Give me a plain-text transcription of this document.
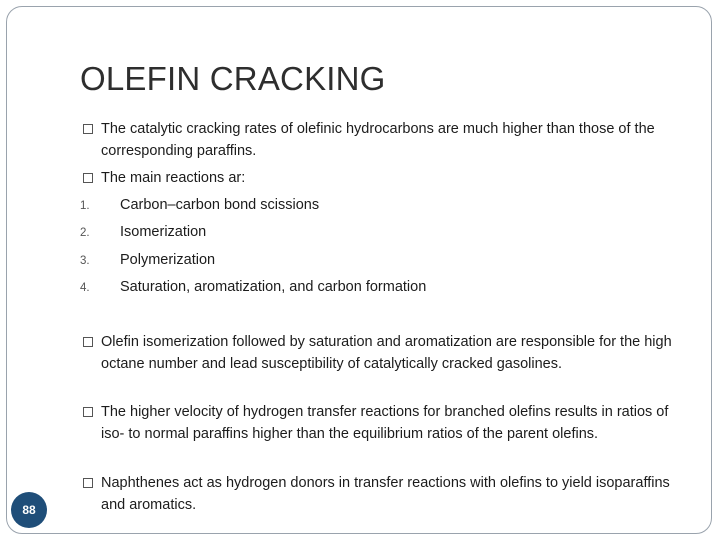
OLEFIN CRACKING
The catalytic cracking rates of olefinic hydrocarbons are much higher than those of the corresponding paraffins.
The main reactions ar:
1. Carbon–carbon bond scissions
2. Isomerization
3. Polymerization
4. Saturation, aromatization, and carbon formation
Olefin isomerization followed by saturation and aromatization are responsible for the high octane number and lead susceptibility of catalytically cracked gasolines.
The higher velocity of hydrogen transfer reactions for branched olefins results in ratios of iso- to normal paraffins higher than the equilibrium ratios of the parent olefins.
Naphthenes act as hydrogen donors in transfer reactions with olefins to yield isoparaffins and aromatics.
88
